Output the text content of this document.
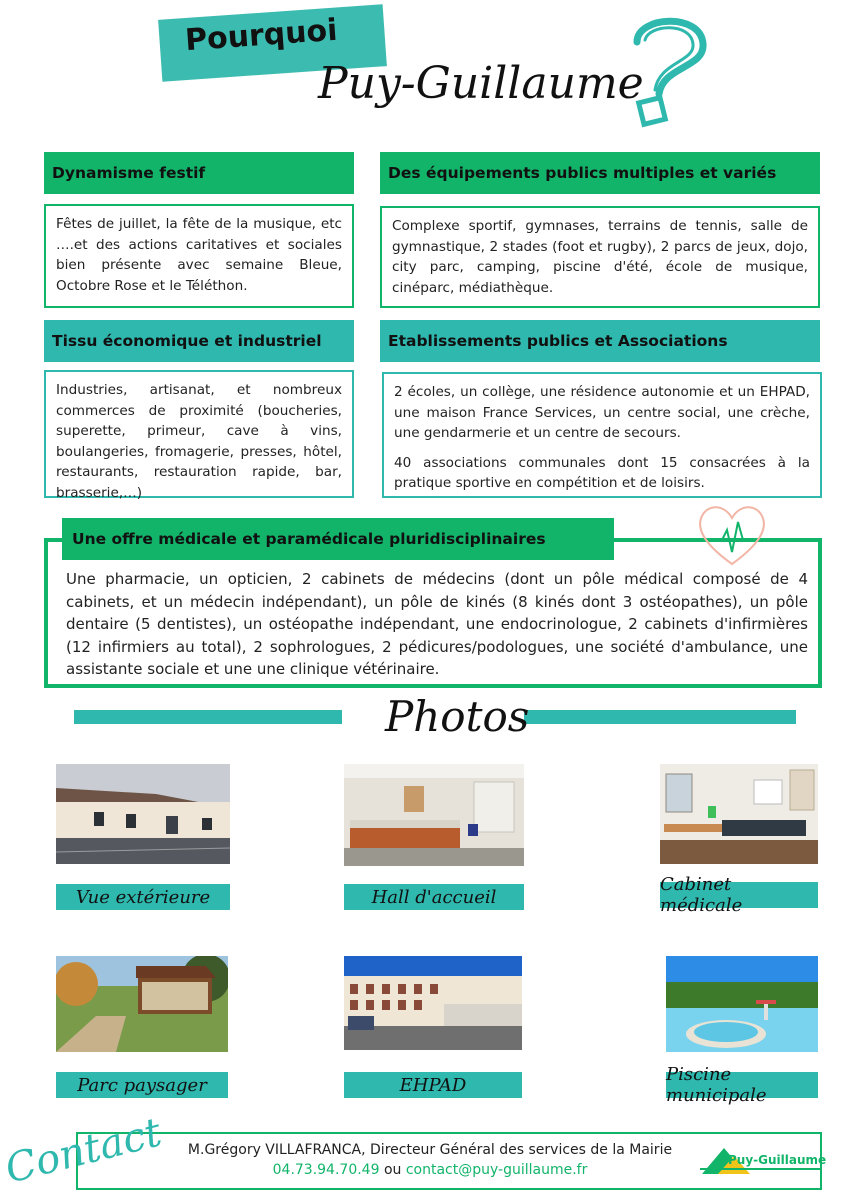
Pourquoi
Puy-Guillaume
Dynamisme festif

Fêtes de juillet, la fête de la musique, etc ….et des actions caritatives et sociales bien présente avec semaine Bleue, Octobre Rose et le Téléthon.

Des équipements publics multiples et variés

Complexe sportif, gymnases, terrains de tennis, salle de gymnastique, 2 stades (foot et rugby), 2 parcs de jeux, dojo, city parc, camping, piscine d'été, école de musique, cinéparc, médiathèque.

Tissu économique et industriel

Industries, artisanat, et nombreux commerces de proximité (boucheries, superette, primeur, cave à vins, boulangeries, fromagerie, presses, hôtel, restaurants, restauration rapide, bar, brasserie,…)

Etablissements publics et Associations

2 écoles, un collège, une résidence autonomie et un EHPAD, une maison France Services, un centre social, une crèche, une gendarmerie et un centre de secours.

40 associations communales dont 15 consacrées à la pratique sportive en compétition et de loisirs.

Une offre médicale et paramédicale pluridisciplinaires
Une pharmacie, un opticien, 2 cabinets de médecins (dont un pôle médical composé de 4 cabinets, et un médecin indépendant), un pôle de kinés (8 kinés dont 3 ostéopathes), un pôle dentaire (5 dentistes), un ostéopathe indépendant, une endocrinologue, 2 cabinets d'infirmières (12 infirmiers au total), 2 sophrologues, 2 pédicures/podologues, une société d'ambulance, une assistante sociale et une une clinique vétérinaire.
Photos
Vue extérieure	Hall d'accueil
Cabinet médicale
Parc paysager	EHPAD	Piscine municipale
Contact	M.Grégory VILLAFRANCA, Directeur Général des services de la Mairie
04.73.94.70.49 ou contact@puy-guillaume.fr
Puy-Guillaume
